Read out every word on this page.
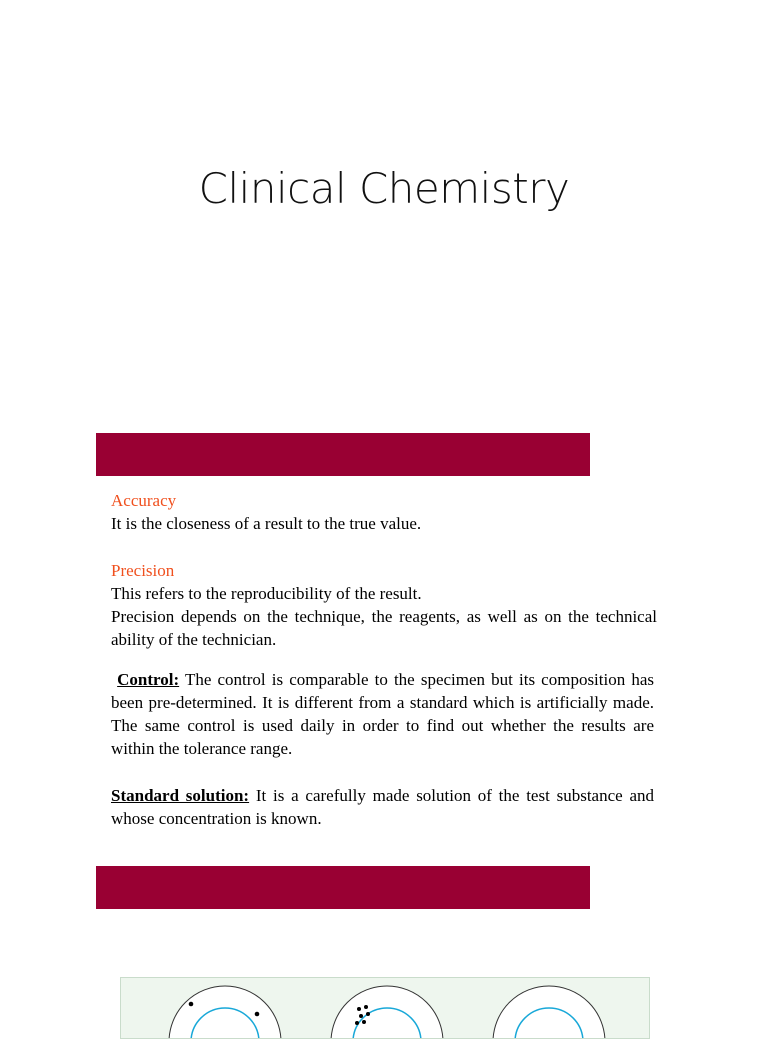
Clinical Chemistry
Accuracy
It is the closeness of a result to the true value.
Precision
This refers to the reproducibility of the result.
Precision depends on the technique, the reagents, as well as on the technical ability of the technician.
Control: The control is comparable to the specimen but its composition has been pre-determined. It is different from a standard which is artificially made. The same control is used daily in order to find out whether the results are within the tolerance range.
Standard solution: It is a carefully made solution of the test substance and whose concentration is known.
